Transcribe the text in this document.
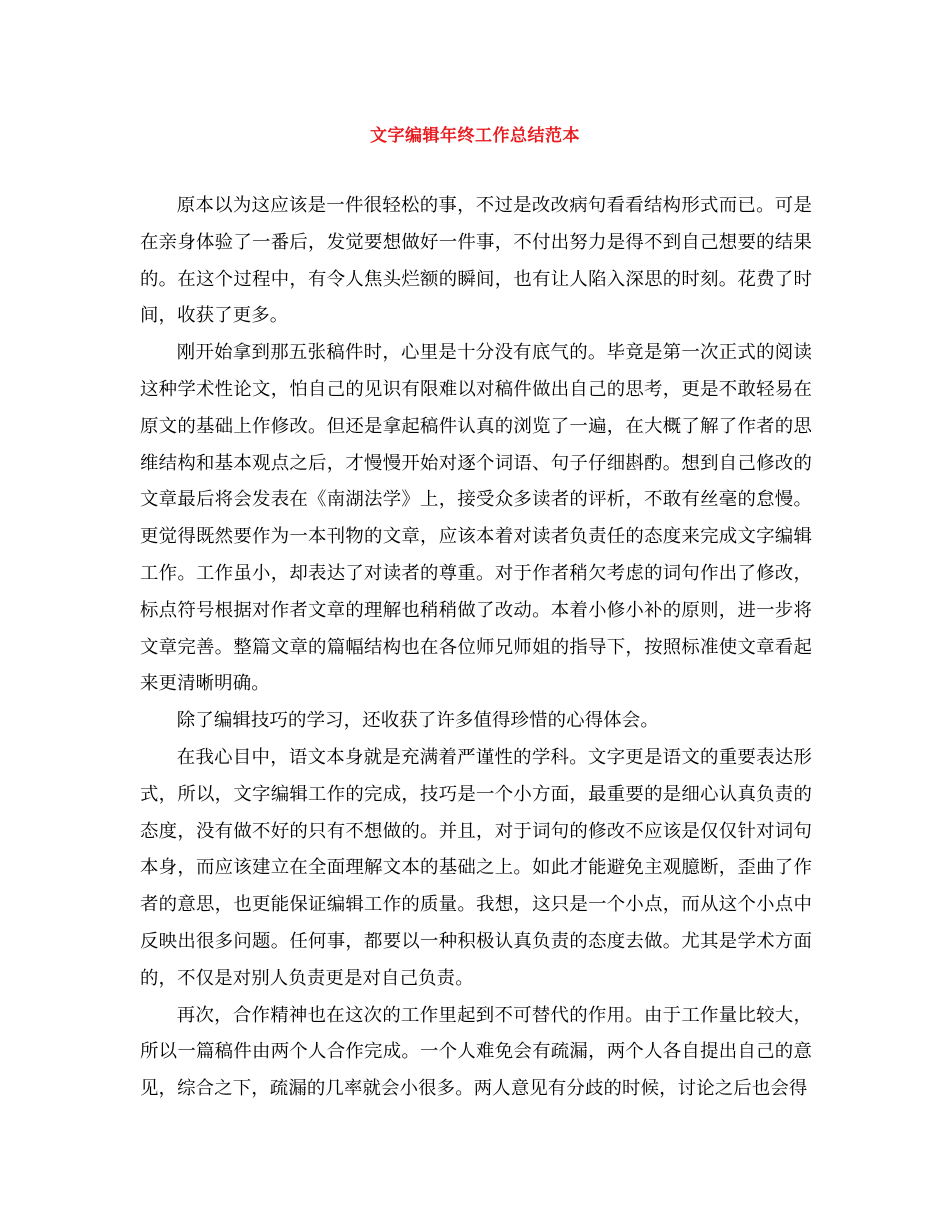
文字编辑年终工作总结范本

原本以为这应该是一件很轻松的事，不过是改改病句看看结构形式而已。可是在亲身体验了一番后，发觉要想做好一件事，不付出努力是得不到自己想要的结果的。在这个过程中，有令人焦头烂额的瞬间，也有让人陷入深思的时刻。花费了时间，收获了更多。

刚开始拿到那五张稿件时，心里是十分没有底气的。毕竟是第一次正式的阅读这种学术性论文，怕自己的见识有限难以对稿件做出自己的思考，更是不敢轻易在原文的基础上作修改。但还是拿起稿件认真的浏览了一遍，在大概了解了作者的思维结构和基本观点之后，才慢慢开始对逐个词语、句子仔细斟酌。想到自己修改的文章最后将会发表在《南湖法学》上，接受众多读者的评析，不敢有丝毫的怠慢。更觉得既然要作为一本刊物的文章，应该本着对读者负责任的态度来完成文字编辑工作。工作虽小，却表达了对读者的尊重。对于作者稍欠考虑的词句作出了修改，标点符号根据对作者文章的理解也稍稍做了改动。本着小修小补的原则，进一步将文章完善。整篇文章的篇幅结构也在各位师兄师姐的指导下，按照标准使文章看起来更清晰明确。

除了编辑技巧的学习，还收获了许多值得珍惜的心得体会。

在我心目中，语文本身就是充满着严谨性的学科。文字更是语文的重要表达形式，所以，文字编辑工作的完成，技巧是一个小方面，最重要的是细心认真负责的态度，没有做不好的只有不想做的。并且，对于词句的修改不应该是仅仅针对词句本身，而应该建立在全面理解文本的基础之上。如此才能避免主观臆断，歪曲了作者的意思，也更能保证编辑工作的质量。我想，这只是一个小点，而从这个小点中反映出很多问题。任何事，都要以一种积极认真负责的态度去做。尤其是学术方面的，不仅是对别人负责更是对自己负责。

再次，合作精神也在这次的工作里起到不可替代的作用。由于工作量比较大，所以一篇稿件由两个人合作完成。一个人难免会有疏漏，两个人各自提出自己的意见，综合之下，疏漏的几率就会小很多。两人意见有分歧的时候，讨论之后也会得
